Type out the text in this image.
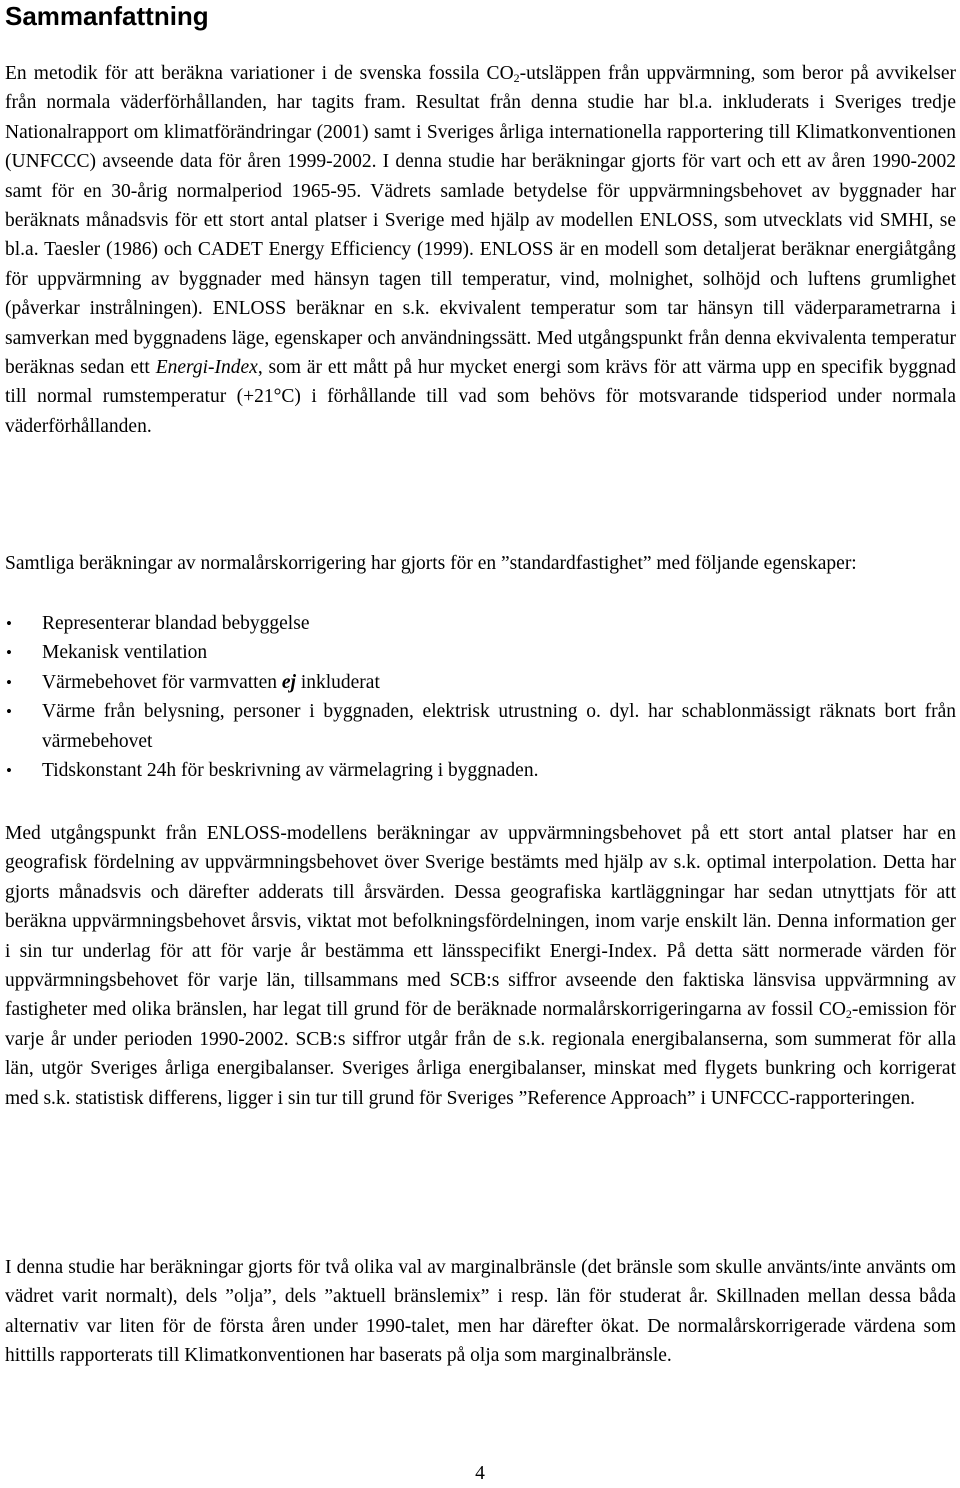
Sammanfattning

En metodik för att beräkna variationer i de svenska fossila $CO_2$-utsläppen från uppvärmning, som beror på avvikelser från normala väderförhållanden, har tagits fram. Resultat från denna studie har bl.a. inkluderats i Sveriges tredje Nationalrapport om klimatförändringar (2001) samt i Sveriges årliga internationella rapportering till Klimatkonventionen (UNFCCC) avseende data för åren 1999-2002. I denna studie har beräkningar gjorts för vart och ett av åren 1990-2002 samt för en 30-årig normalperiod 1965-95. Vädrets samlade betydelse för uppvärmningsbehovet av byggnader har beräknats månadsvis för ett stort antal platser i Sverige med hjälp av modellen ENLOSS, som utvecklats vid SMHI, se bl.a. Taesler (1986) och CADET Energy Efficiency (1999). ENLOSS är en modell som detaljerat beräknar energiåtgång för uppvärmning av byggnader med hänsyn tagen till temperatur, vind, molnighet, solhöjd och luftens grumlighet (påverkar instrålningen). ENLOSS beräknar en s.k. ekvivalent temperatur som tar hänsyn till väderparametrarna i samverkan med byggnadens läge, egenskaper och användningssätt. Med utgångspunkt från denna ekvivalenta temperatur beräknas sedan ett Energi-Index, som är ett mått på hur mycket energi som krävs för att värma upp en specifik byggnad till normal rumstemperatur (+21°C) i förhållande till vad som behövs för motsvarande tidsperiod under normala väderförhållanden.

Samtliga beräkningar av normalårskorrigering har gjorts för en ”standardfastighet” med följande egenskaper:

• Representerar blandad bebyggelse
• Mekanisk ventilation
• Värmebehovet för varmvatten ej inkluderat
• Värme från belysning, personer i byggnaden, elektrisk utrustning o. dyl. har schablonmässigt räknats bort från värmebehovet
• Tidskonstant 24h för beskrivning av värmelagring i byggnaden.

Med utgångspunkt från ENLOSS-modellens beräkningar av uppvärmningsbehovet på ett stort antal platser har en geografisk fördelning av uppvärmningsbehovet över Sverige bestämts med hjälp av s.k. optimal interpolation. Detta har gjorts månadsvis och därefter adderats till årsvärden. Dessa geografiska kartläggningar har sedan utnyttjats för att beräkna uppvärmningsbehovet årsvis, viktat mot befolkningsfördelningen, inom varje enskilt län. Denna information ger i sin tur underlag för att för varje år bestämma ett länsspecifikt Energi-Index. På detta sätt normerade värden för uppvärmningsbehovet för varje län, tillsammans med SCB:s siffror avseende den faktiska länsvisa uppvärmning av fastigheter med olika bränslen, har legat till grund för de beräknade normalårskorrigeringarna av fossil $CO_2$-emission för varje år under perioden 1990-2002. SCB:s siffror utgår från de s.k. regionala energibalanserna, som summerat för alla län, utgör Sveriges årliga energibalanser. Sveriges årliga energibalanser, minskat med flygets bunkring och korrigerat med s.k. statistisk differens, ligger i sin tur till grund för Sveriges ”Reference Approach” i UNFCCC-rapporteringen.

I denna studie har beräkningar gjorts för två olika val av marginalbränsle (det bränsle som skulle använts/inte använts om vädret varit normalt), dels ”olja”, dels ”aktuell bränslemix” i resp. län för studerat år. Skillnaden mellan dessa båda alternativ var liten för de första åren under 1990-talet, men har därefter ökat. De normalårskorrigerade värdena som hittills rapporterats till Klimatkonventionen har baserats på olja som marginalbränsle.

4
